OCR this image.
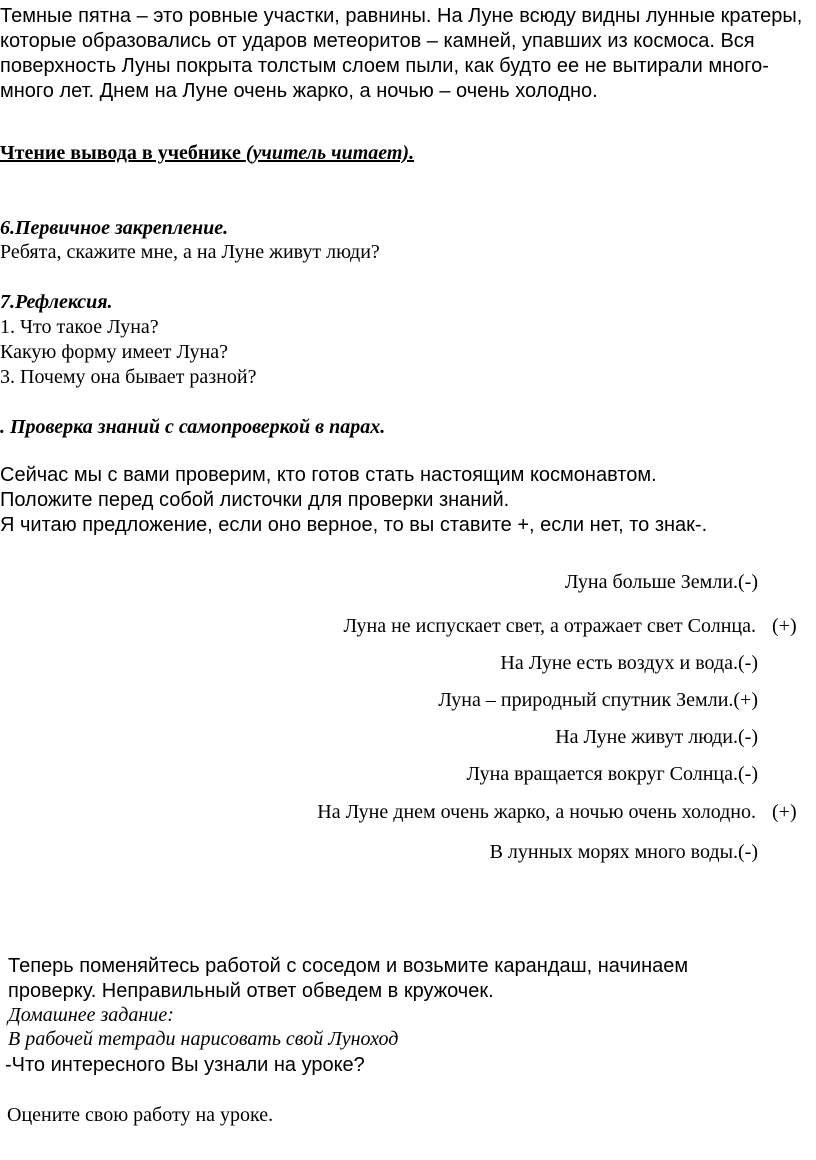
Темные пятна – это ровные участки, равнины. На Луне всюду видны лунные кратеры,
которые образовались от ударов метеоритов – камней, упавших из космоса. Вся
поверхность Луны покрыта толстым слоем пыли, как будто ее не вытирали много-
много лет. Днем на Луне очень жарко, а ночью – очень холодно.
Чтение вывода в учебнике (учитель читает).
6.Первичное закрепление.
Ребята, скажите мне, а на Луне живут люди?
7.Рефлексия.
1. Что такое Луна?
Какую форму имеет Луна?
3. Почему она бывает разной?
. Проверка знаний с самопроверкой в парах.
Сейчас мы с вами проверим, кто готов стать настоящим космонавтом.
Положите перед собой листочки для проверки знаний.
Я читаю предложение, если оно верное, то вы ставите +, если нет, то знак-.
Луна больше Земли.(-)
Луна не испускает свет, а отражает свет Солнца. (+)
На Луне есть воздух и вода.(-)
Луна – природный спутник Земли.(+)
На Луне живут люди.(-)
Луна вращается вокруг Солнца.(-)
На Луне днем очень жарко, а ночью очень холодно. (+)
В лунных морях много воды.(-)
Теперь поменяйтесь работой с соседом и возьмите карандаш, начинаем
проверку. Неправильный ответ обведем в кружочек.
Домашнее задание:
В рабочей тетради нарисовать свой Луноход
-Что интересного Вы узнали на уроке?
Оцените свою работу на уроке.
